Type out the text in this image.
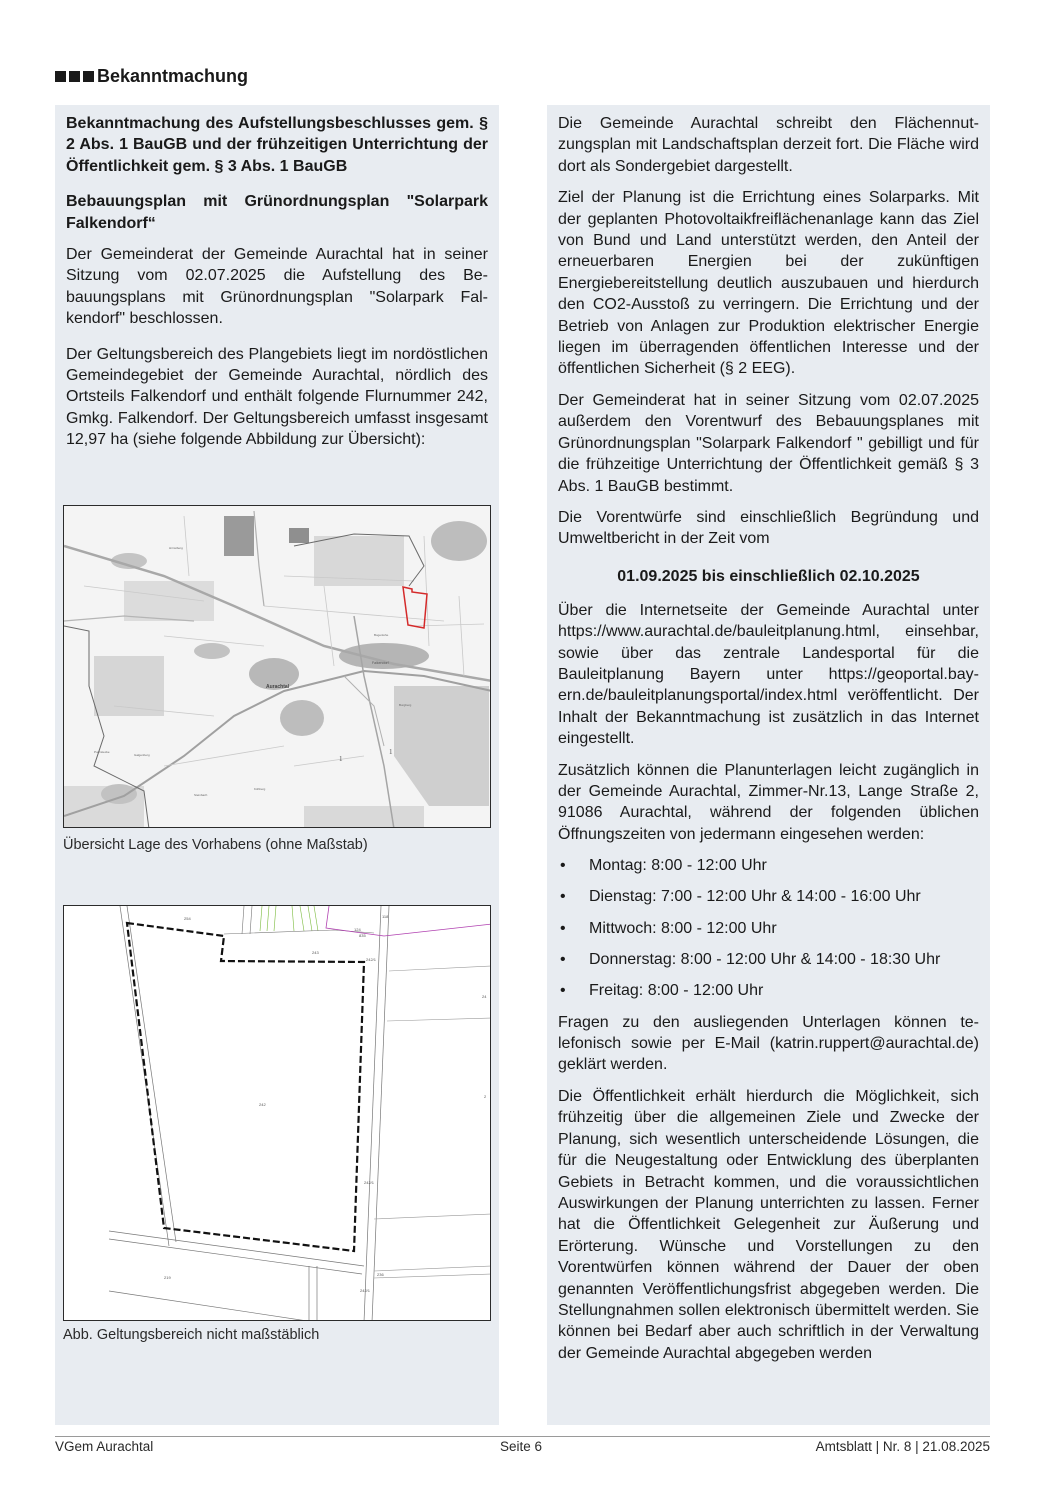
Bekanntmachung

Bekanntmachung des Aufstellungsbeschlusses gem. § 2 Abs. 1 BauGB und der frühzeitigen Unterrichtung der Öffentlichkeit gem. § 3 Abs. 1 BauGB

Bebauungsplan mit Grünordnungsplan "Solarpark Falkendorf“

Der Gemeinderat der Gemeinde Aurachtal hat in seiner Sitzung vom 02.07.2025 die Aufstellung des Bebauungsplans mit Grünordnungsplan "Solarpark Falkendorf" beschlossen.

Der Geltungsbereich des Plangebiets liegt im nordöstlichen Gemeindegebiet der Gemeinde Aurachtal, nördlich des Ortsteils Falkendorf und enthält folgende Flurnummer 242, Gmkg. Falkendorf. Der Geltungsbereich umfasst insgesamt 12,97 ha (siehe folgende Abbildung zur Übersicht):

Aurachtal
Falkendorf
Hirnstberg
Puchstecke
Galgenberg
Kühberg
Steinbach
Bogenlohe
Burgberg
1
1
Übersicht Lage des Vorhabens (ohne Maßstab)
254
243
242
242/1
242/1
24
2
219
236
242/1
118
124
835
Abb. Geltungsbereich nicht maßstäblich

Die Gemeinde Aurachtal schreibt den Flächennutzungsplan mit Landschaftsplan derzeit fort. Die Fläche wird dort als Sondergebiet dargestellt.

Ziel der Planung ist die Errichtung eines Solarparks. Mit der geplanten Photovoltaikfreiflächenanlage kann das Ziel von Bund und Land unterstützt werden, den Anteil der erneuerbaren Energien bei der zukünftigen Energiebereitstellung deutlich auszubauen und hierdurch den CO2-Ausstoß zu verringern. Die Errichtung und der Betrieb von Anlagen zur Produktion elektrischer Energie liegen im überragenden öffentlichen Interesse und der öffentlichen Sicherheit (§ 2 EEG).

Der Gemeinderat hat in seiner Sitzung vom 02.07.2025 außerdem den Vorentwurf des Bebauungsplanes mit Grünordnungsplan "Solarpark Falkendorf " gebilligt und für die frühzeitige Unterrichtung der Öffentlichkeit gemäß § 3 Abs. 1 BauGB bestimmt.

Die Vorentwürfe sind einschließlich Begründung und Umweltbericht in der Zeit vom

01.09.2025 bis einschließlich 02.10.2025

Über die Internetseite der Gemeinde Aurachtal unter https://www.aurachtal.de/bauleitplanung.html, einsehbar, sowie über das zentrale Landesportal für die Bauleitplanung Bayern unter https://geoportal.bayern.de/bauleitplanungsportal/index.html veröffentlicht. Der Inhalt der Bekanntmachung ist zusätzlich in das Internet eingestellt.

Zusätzlich können die Planunterlagen leicht zugänglich in der Gemeinde Aurachtal, Zimmer-Nr.13, Lange Straße 2, 91086 Aurachtal, während der folgenden üblichen Öffnungszeiten von jedermann eingesehen werden:

•	Montag: 8:00 - 12:00 Uhr
•	Dienstag: 7:00 - 12:00 Uhr & 14:00 - 16:00 Uhr
•	Mittwoch: 8:00 - 12:00 Uhr
•	Donnerstag: 8:00 - 12:00 Uhr & 14:00 - 18:30 Uhr
•	Freitag: 8:00 - 12:00 Uhr

Fragen zu den ausliegenden Unterlagen können telefonisch sowie per E-Mail (katrin.ruppert@aurachtal.​de) geklärt werden.

Die Öffentlichkeit erhält hierdurch die Möglichkeit, sich frühzeitig über die allgemeinen Ziele und Zwecke der Planung, sich wesentlich unterscheidende Lösungen, die für die Neugestaltung oder Entwicklung des überplanten Gebiets in Betracht kommen, und die voraussichtlichen Auswirkungen der Planung unterrichten zu lassen. Ferner hat die Öffentlichkeit Gelegenheit zur Äußerung und Erörterung. Wünsche und Vorstellungen zu den Vorentwürfen können während der Dauer der oben genannten Veröffentlichungsfrist abgegeben werden. Die Stellungnahmen sollen elektronisch übermittelt werden. Sie können bei Bedarf aber auch schriftlich in der Verwaltung der Gemeinde Aurachtal abgegeben werden

VGem Aurachtal	Seite 6	Amtsblatt | Nr. 8 | 21.08.2025
